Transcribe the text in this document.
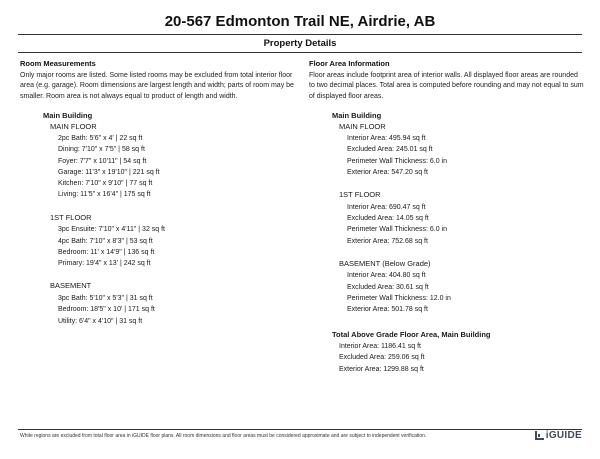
20-567 Edmonton Trail NE, Airdrie, AB
Property Details
Room Measurements
Only major rooms are listed. Some listed rooms may be excluded from total interior floor area (e.g. garage). Room dimensions are largest length and width; parts of room may be smaller. Room area is not always equal to product of length and width.
Main Building
MAIN FLOOR
2pc Bath: 5'6" x 4' | 22 sq ft
Dining: 7'10" x 7'5" | 58 sq ft
Foyer: 7'7" x 10'11" | 54 sq ft
Garage: 11'3" x 19'10" | 221 sq ft
Kitchen: 7'10" x 9'10" | 77 sq ft
Living: 11'5" x 16'4" | 175 sq ft
1ST FLOOR
3pc Ensuite: 7'10" x 4'11" | 32 sq ft
4pc Bath: 7'10" x 8'3" | 53 sq ft
Bedroom: 11' x 14'9" | 136 sq ft
Primary: 19'4" x 13' | 242 sq ft
BASEMENT
3pc Bath: 5'10" x 5'3" | 31 sq ft
Bedroom: 18'5" x 10' | 171 sq ft
Utility: 6'4" x 4'10" | 31 sq ft
Floor Area Information
Floor areas include footprint area of interior walls. All displayed floor areas are rounded to two decimal places. Total area is computed before rounding and may not equal to sum of displayed floor areas.
Main Building
MAIN FLOOR
Interior Area: 495.94 sq ft
Excluded Area: 245.01 sq ft
Perimeter Wall Thickness: 6.0 in
Exterior Area: 547.20 sq ft
1ST FLOOR
Interior Area: 690.47 sq ft
Excluded Area: 14.05 sq ft
Perimeter Wall Thickness: 6.0 in
Exterior Area: 752.68 sq ft
BASEMENT (Below Grade)
Interior Area: 404.80 sq ft
Excluded Area: 30.61 sq ft
Perimeter Wall Thickness: 12.0 in
Exterior Area: 501.78 sq ft
Total Above Grade Floor Area, Main Building
Interior Area: 1186.41 sq ft
Excluded Area: 259.06 sq ft
Exterior Area: 1299.88 sq ft
White regions are excluded from total floor area in iGUIDE floor plans. All room dimensions and floor areas must be considered approximate and are subject to independent verification.	iGUIDE
